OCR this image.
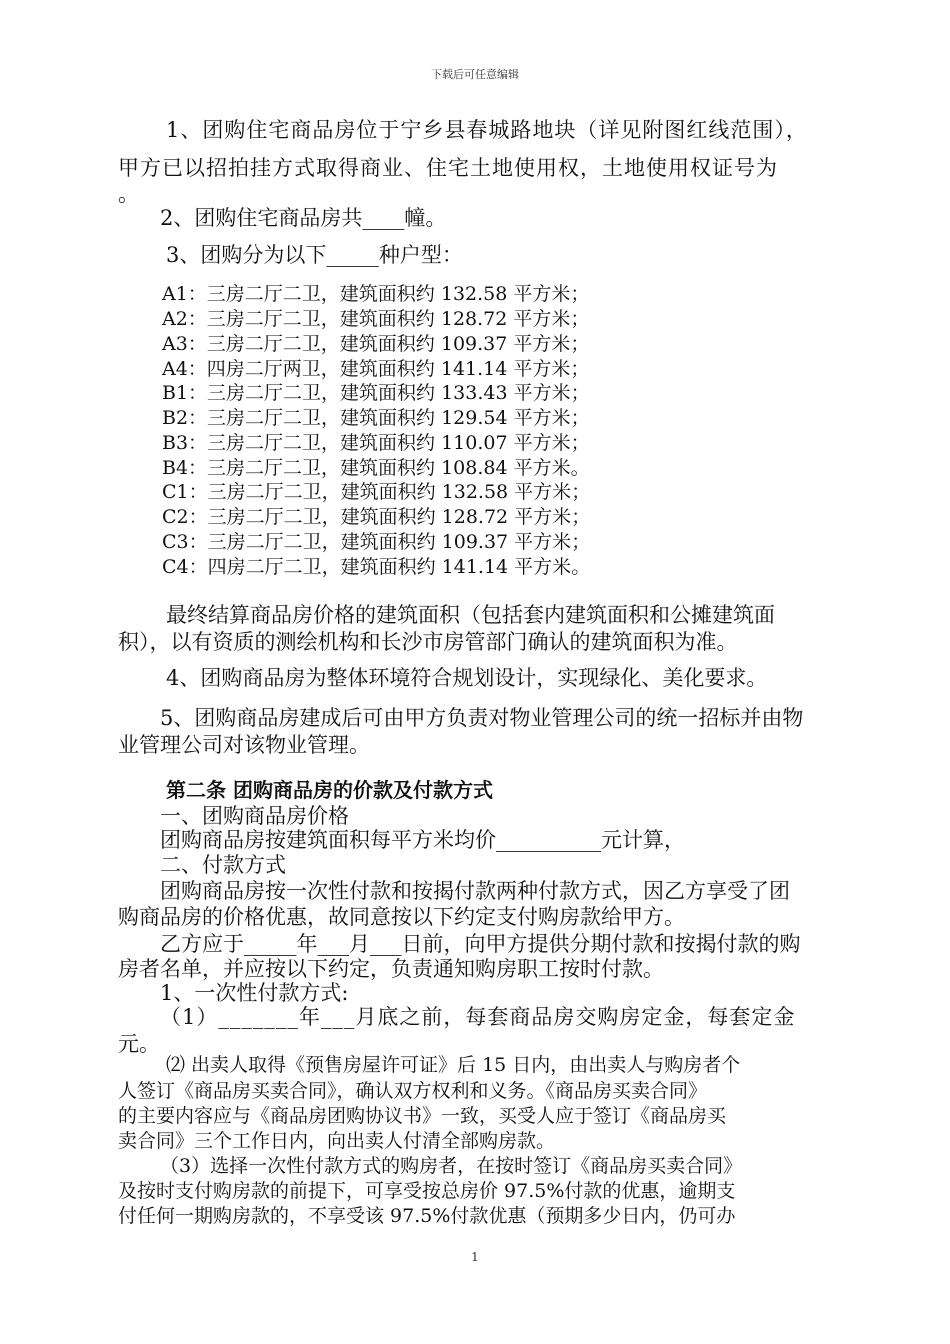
下载后可任意编辑
1、团购住宅商品房位于宁乡县春城路地块（详见附图红线范围），
甲方已以招拍挂方式取得商业、住宅土地使用权，土地使用权证号为
。
2、团购住宅商品房共____幢。
3、团购分为以下_____种户型：
A1：三房二厅二卫，建筑面积约 132.58 平方米；
A2：三房二厅二卫，建筑面积约 128.72 平方米；
A3：三房二厅二卫，建筑面积约 109.37 平方米；
A4：四房二厅两卫，建筑面积约 141.14 平方米；
B1：三房二厅二卫，建筑面积约 133.43 平方米；
B2：三房二厅二卫，建筑面积约 129.54 平方米；
B3：三房二厅二卫，建筑面积约 110.07 平方米；
B4：三房二厅二卫，建筑面积约 108.84 平方米。
C1：三房二厅二卫，建筑面积约 132.58 平方米；
C2：三房二厅二卫，建筑面积约 128.72 平方米；
C3：三房二厅二卫，建筑面积约 109.37 平方米；
C4：四房二厅二卫，建筑面积约 141.14 平方米。
最终结算商品房价格的建筑面积（包括套内建筑面积和公摊建筑面
积），以有资质的测绘机构和长沙市房管部门确认的建筑面积为准。
4、团购商品房为整体环境符合规划设计，实现绿化、美化要求。
5、团购商品房建成后可由甲方负责对物业管理公司的统一招标并由物
业管理公司对该物业管理。
第二条 团购商品房的价款及付款方式
一、团购商品房价格
团购商品房按建筑面积每平方米均价__________元计算，
二、付款方式
团购商品房按一次性付款和按揭付款两种付款方式，因乙方享受了团
购商品房的价格优惠，故同意按以下约定支付购房款给甲方。
乙方应于_____年___月___日前，向甲方提供分期付款和按揭付款的购
房者名单，并应按以下约定，负责通知购房职工按时付款。
1、一次性付款方式:
（1）_______年___月底之前，每套商品房交购房定金，每套定金
元。
⑵ 出卖人取得《预售房屋许可证》后 15 日内，由出卖人与购房者个
人签订《商品房买卖合同》，确认双方权利和义务。《商品房买卖合同》
的主要内容应与《商品房团购协议书》一致，买受人应于签订《商品房买
卖合同》三个工作日内，向出卖人付清全部购房款。
（3）选择一次性付款方式的购房者，在按时签订《商品房买卖合同》
及按时支付购房款的前提下，可享受按总房价 97.5%付款的优惠，逾期支
付任何一期购房款的，不享受该 97.5%付款优惠（预期多少日内，仍可办
1
